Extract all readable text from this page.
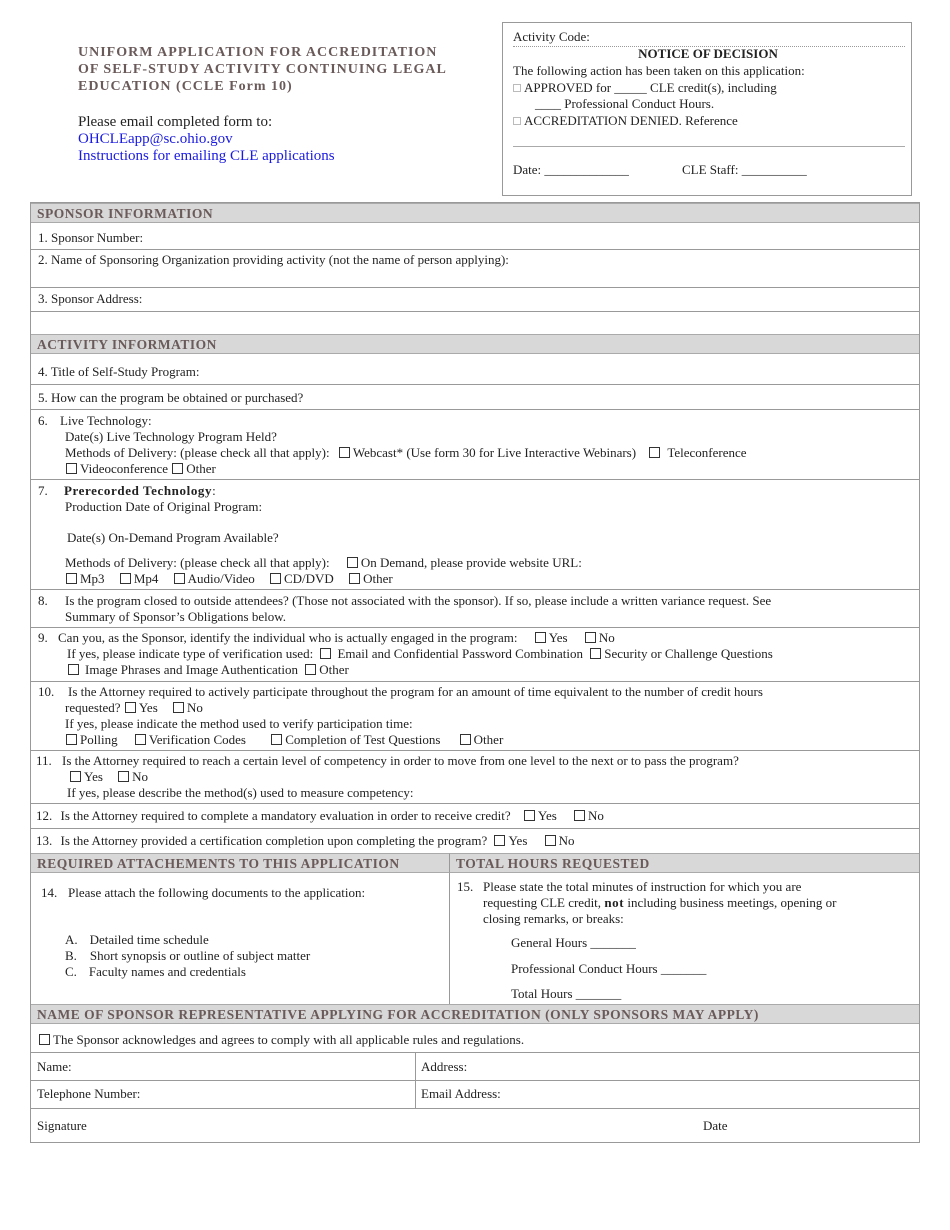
UNIFORM APPLICATION FOR ACCREDITATION
OF SELF-STUDY ACTIVITY CONTINUING LEGAL
EDUCATION (CCLE Form 10)
Please email completed form to:
OHCLEapp@sc.ohio.gov
Instructions for emailing CLE applications
Activity Code:
NOTICE OF DECISION
The following action has been taken on this application:
APPROVED for _____ CLE credit(s), including
____ Professional Conduct Hours.
ACCREDITATION DENIED. Reference
Date: _____________	CLE Staff: __________
SPONSOR INFORMATION
1. Sponsor Number:
2. Name of Sponsoring Organization providing activity (not the name of person applying):
3. Sponsor Address:
ACTIVITY INFORMATION
4. Title of Self-Study Program:
5. How can the program be obtained or purchased?
6. Live Technology:
Date(s) Live Technology Program Held?
Methods of Delivery: (please check all that apply): Webcast* (Use form 30 for Live Interactive Webinars) Teleconference
Videoconference Other
7. Prerecorded Technology:
Production Date of Original Program:
Date(s) On-Demand Program Available?
Methods of Delivery: (please check all that apply): On Demand, please provide website URL:
Mp3 Mp4 Audio/Video CD/DVD Other
8. Is the program closed to outside attendees? (Those not associated with the sponsor). If so, please include a written variance request. See
Summary of Sponsor’s Obligations below.
9. Can you, as the Sponsor, identify the individual who is actually engaged in the program: Yes No
If yes, please indicate type of verification used: Email and Confidential Password Combination Security or Challenge Questions
Image Phrases and Image Authentication Other
10. Is the Attorney required to actively participate throughout the program for an amount of time equivalent to the number of credit hours
requested? Yes No
If yes, please indicate the method used to verify participation time:
Polling Verification Codes	Completion of Test Questions	Other
11. Is the Attorney required to reach a certain level of competency in order to move from one level to the next or to pass the program?
Yes No
If yes, please describe the method(s) used to measure competency:
12. Is the Attorney required to complete a mandatory evaluation in order to receive credit? Yes No
13. Is the Attorney provided a certification completion upon completing the program? Yes No
REQUIRED ATTACHEMENTS TO THIS APPLICATION	TOTAL HOURS REQUESTED
14. Please attach the following documents to the application:
A. Detailed time schedule
B. Short synopsis or outline of subject matter
C. Faculty names and credentials
15. Please state the total minutes of instruction for which you are
requesting CLE credit, not including business meetings, opening or
closing remarks, or breaks:
General Hours _______
Professional Conduct Hours _______
Total Hours _______
NAME OF SPONSOR REPRESENTATIVE APPLYING FOR ACCREDITATION (ONLY SPONSORS MAY APPLY)
The Sponsor acknowledges and agrees to comply with all applicable rules and regulations.
Name:	Address:
Telephone Number:	Email Address:
Signature	Date
